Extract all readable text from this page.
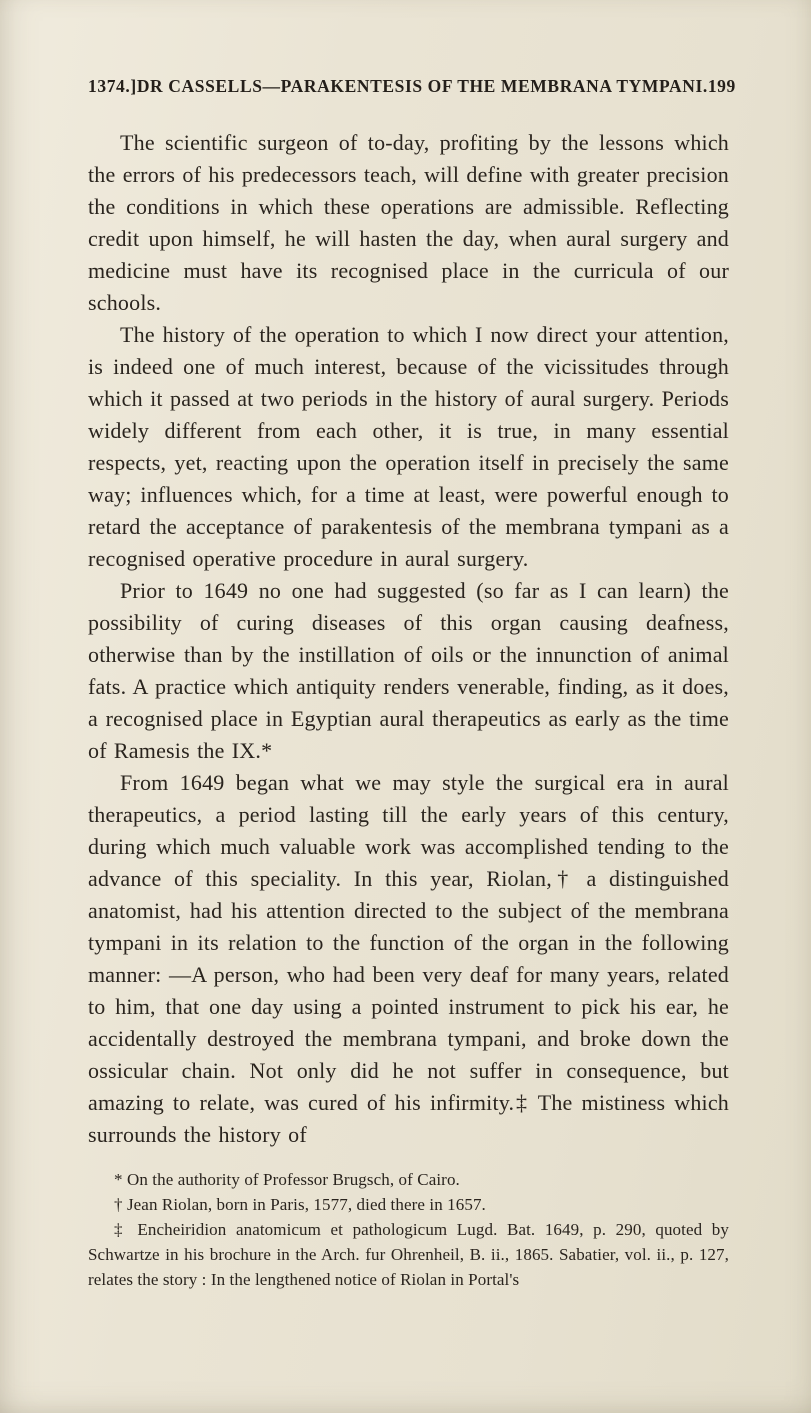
1374.] DR CASSELLS—PARAKENTESIS OF THE MEMBRANA TYMPANI. 199

The scientific surgeon of to-day, profiting by the lessons which the errors of his predecessors teach, will define with greater precision the conditions in which these operations are admissible. Reflecting credit upon himself, he will hasten the day, when aural surgery and medicine must have its recognised place in the curricula of our schools.

The history of the operation to which I now direct your attention, is indeed one of much interest, because of the vicissitudes through which it passed at two periods in the history of aural surgery. Periods widely different from each other, it is true, in many essential respects, yet, reacting upon the operation itself in precisely the same way; influences which, for a time at least, were powerful enough to retard the acceptance of parakentesis of the membrana tympani as a recognised operative procedure in aural surgery.

Prior to 1649 no one had suggested (so far as I can learn) the possibility of curing diseases of this organ causing deafness, otherwise than by the instillation of oils or the innunction of animal fats. A practice which antiquity renders venerable, finding, as it does, a recognised place in Egyptian aural therapeutics as early as the time of Ramesis the IX.*

From 1649 began what we may style the surgical era in aural therapeutics, a period lasting till the early years of this century, during which much valuable work was accomplished tending to the advance of this speciality. In this year, Riolan,† a distinguished anatomist, had his attention directed to the subject of the membrana tympani in its relation to the function of the organ in the following manner: —A person, who had been very deaf for many years, related to him, that one day using a pointed instrument to pick his ear, he accidentally destroyed the membrana tympani, and broke down the ossicular chain. Not only did he not suffer in consequence, but amazing to relate, was cured of his infirmity.‡ The mistiness which surrounds the history of

* On the authority of Professor Brugsch, of Cairo.

† Jean Riolan, born in Paris, 1577, died there in 1657.

‡ Encheiridion anatomicum et pathologicum Lugd. Bat. 1649, p. 290, quoted by Schwartze in his brochure in the Arch. fur Ohrenheil, B. ii., 1865. Sabatier, vol. ii., p. 127, relates the story : In the lengthened notice of Riolan in Portal's
